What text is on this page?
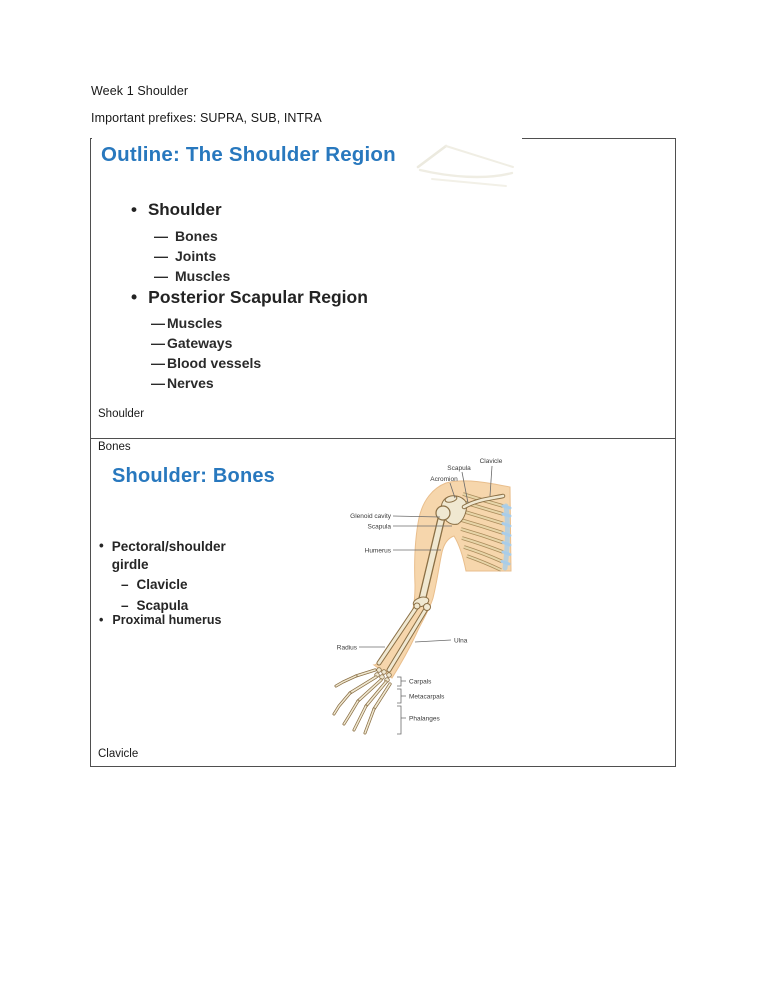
Week 1 Shoulder
Important prefixes: SUPRA, SUB, INTRA
Outline: The Shoulder Region
• Shoulder
— Bones
— Joints
— Muscles
• Posterior Scapular Region
— Muscles
— Gateways
— Blood vessels
— Nerves
Shoulder
Bones
Shoulder: Bones
• Pectoral/shoulder
girdle
– Clavicle
– Scapula
• Proximal humerus
Clavicle
Scapula
Acromion
Glenoid cavity
Scapula
Humerus
Radius
Ulna
Carpals
Metacarpals
Phalanges
Clavicle
